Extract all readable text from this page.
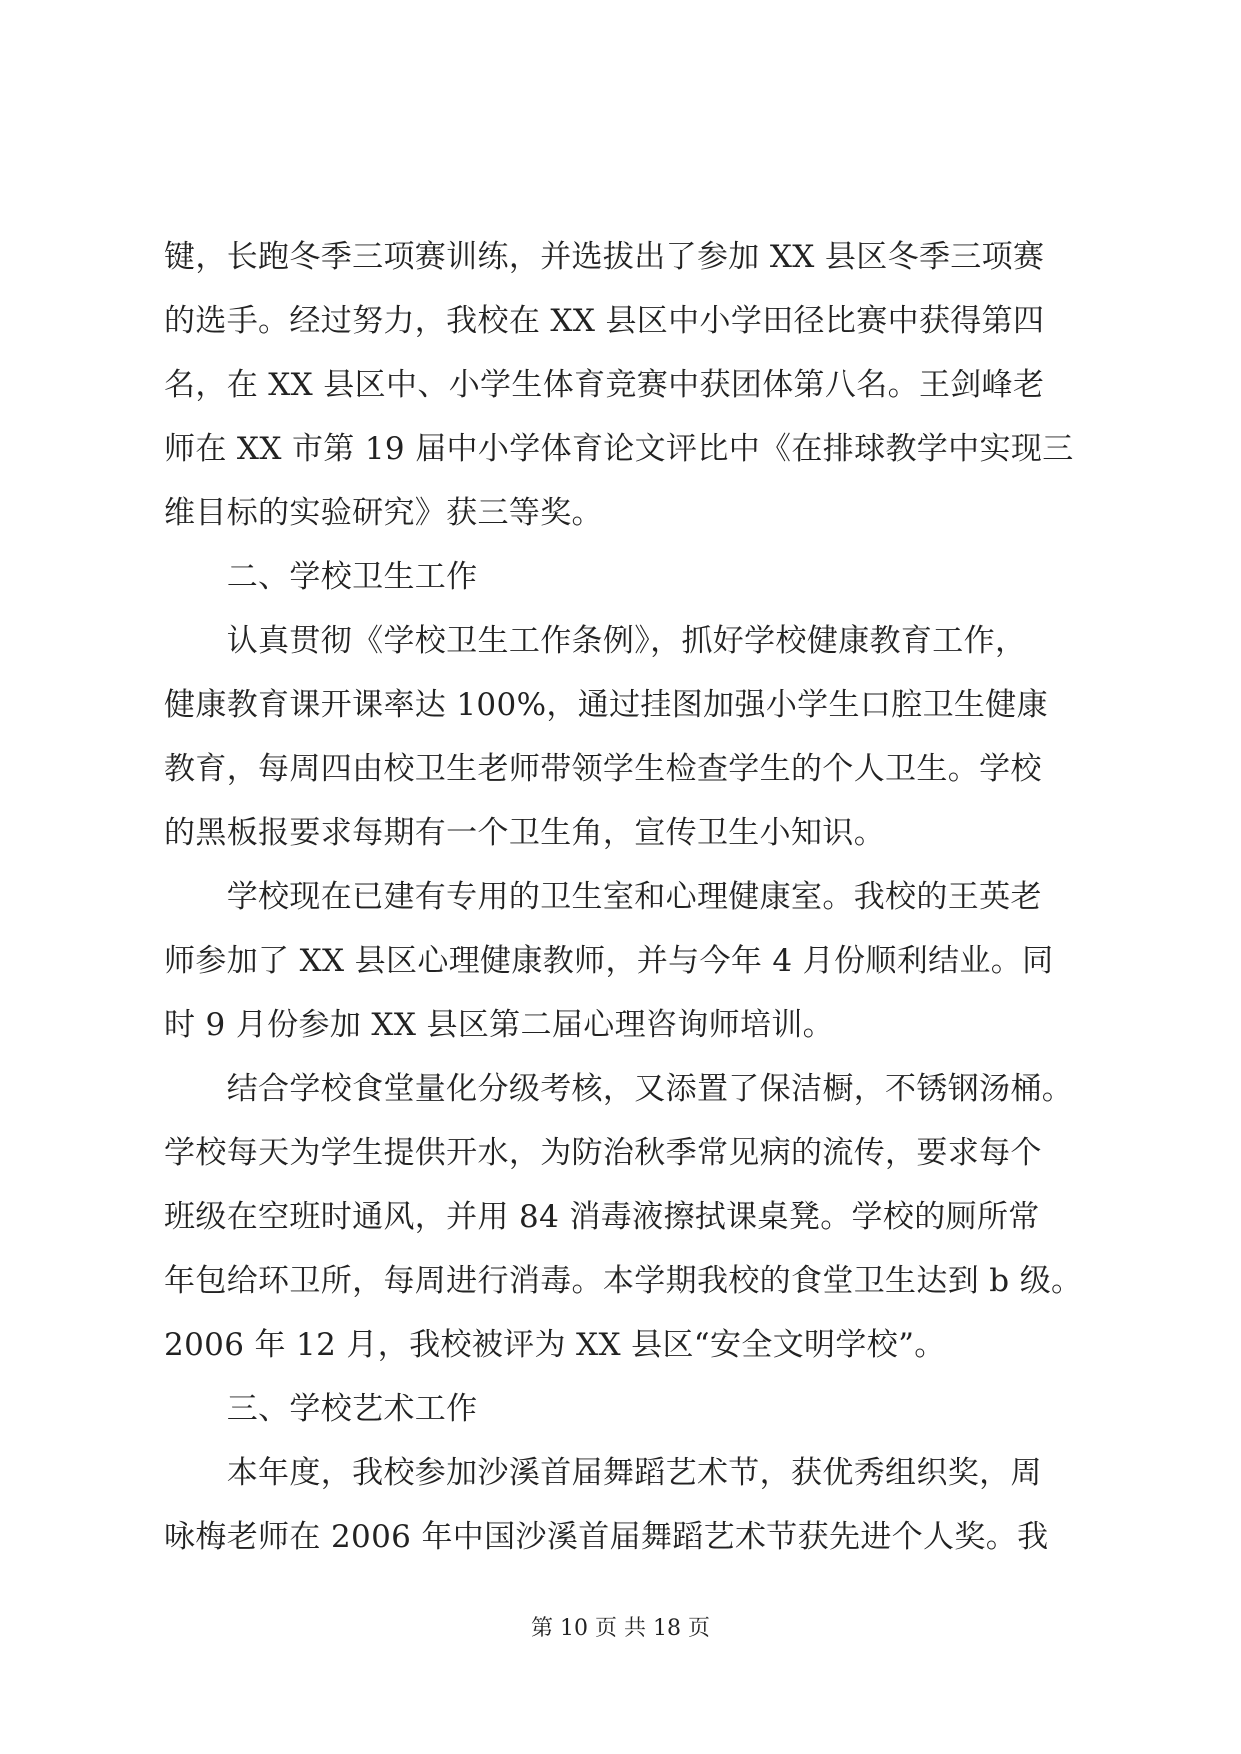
键，长跑冬季三项赛训练，并选拔出了参加 XX 县区冬季三项赛
的选手。经过努力，我校在 XX 县区中小学田径比赛中获得第四
名，在 XX 县区中、小学生体育竞赛中获团体第八名。王剑峰老
师在 XX 市第 19 届中小学体育论文评比中《在排球教学中实现三
维目标的实验研究》获三等奖。
　　二、学校卫生工作
　　认真贯彻《学校卫生工作条例》，抓好学校健康教育工作，
健康教育课开课率达 100%，通过挂图加强小学生口腔卫生健康
教育，每周四由校卫生老师带领学生检查学生的个人卫生。学校
的黑板报要求每期有一个卫生角，宣传卫生小知识。
　　学校现在已建有专用的卫生室和心理健康室。我校的王英老
师参加了 XX 县区心理健康教师，并与今年 4 月份顺利结业。同
时 9 月份参加 XX 县区第二届心理咨询师培训。
　　结合学校食堂量化分级考核，又添置了保洁橱，不锈钢汤桶。
学校每天为学生提供开水，为防治秋季常见病的流传，要求每个
班级在空班时通风，并用 84 消毒液擦拭课桌凳。学校的厕所常
年包给环卫所，每周进行消毒。本学期我校的食堂卫生达到 b 级。
2006 年 12 月，我校被评为 XX 县区“安全文明学校”。
　　三、学校艺术工作
　　本年度，我校参加沙溪首届舞蹈艺术节，获优秀组织奖，周
咏梅老师在 2006 年中国沙溪首届舞蹈艺术节获先进个人奖。我
第 10 页 共 18 页
